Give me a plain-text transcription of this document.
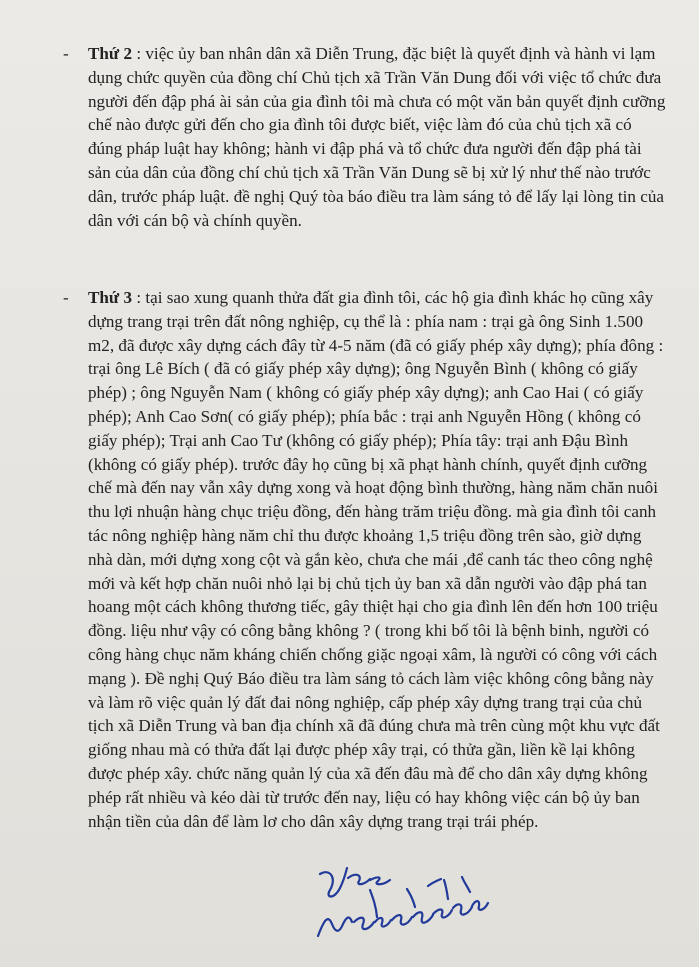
- Thứ 2 : việc ủy ban nhân dân xã Diễn Trung, đặc biệt là quyết định và hành vi lạm dụng chức quyền của đồng chí Chủ tịch xã Trần Văn Dung đối với việc tổ chức đưa người đến đập phá ài sản của gia đình tôi mà chưa có một văn bản quyết định cưỡng chế nào được gửi đến cho gia đình tôi được biết, việc làm đó của chủ tịch xã có đúng pháp luật hay không; hành vi đập phá và tổ chức đưa người đến đập phá tài sản của dân của đồng chí chủ tịch xã Trần Văn Dung sẽ bị xử lý như thế nào trước dân, trước pháp luật. đề nghị Quý tòa báo điều tra làm sáng tỏ để lấy lại lòng tin của dân với cán bộ và chính quyền.

- Thứ 3 : tại sao xung quanh thửa đất gia đình tôi, các hộ gia đình khác họ cũng xây dựng trang trại trên đất nông nghiệp, cụ thể là : phía nam : trại gà ông Sinh 1.500 m2, đã được xây dựng cách đây từ 4-5 năm (đã có giấy phép xây dựng); phía đông : trại ông Lê Bích ( đã có giấy phép xây dựng); ông Nguyễn Bình ( không có giấy phép) ; ông Nguyễn Nam ( không có giấy phép xây dựng); anh Cao Hai ( có giấy phép); Anh Cao Sơn( có giấy phép); phía bắc : trại anh Nguyễn Hồng ( không có giấy phép); Trại anh Cao Tư (không có giấy phép); Phía tây: trại anh Đậu Bình (không có giấy phép). trước đây họ cũng bị xã phạt hành chính, quyết định cưỡng chế mà đến nay vẫn xây dựng xong và hoạt động bình thường, hàng năm chăn nuôi thu lợi nhuận hàng chục triệu đồng, đến hàng trăm triệu đồng. mà gia đình tôi canh tác nông nghiệp hàng năm chỉ thu được khoảng 1,5 triệu đồng trên sào, giờ dựng nhà dàn, mới dựng xong cột và gắn kèo, chưa che mái ,để canh tác theo công nghệ mới và kết hợp chăn nuôi nhỏ lại bị chủ tịch ủy ban xã dẫn người vào đập phá tan hoang một cách không thương tiếc, gây thiệt hại cho gia đình lên đến hơn 100 triệu đồng. liệu như vậy có công bằng không ? ( trong khi bố tôi là bệnh binh, người có công hàng chục năm kháng chiến chống giặc ngoại xâm, là người có công với cách mạng ). Đề nghị Quý Báo điều tra làm sáng tỏ cách làm việc không công bằng này và làm rõ việc quản lý đất đai nông nghiệp, cấp phép xây dựng trang trại của chủ tịch xã Diễn Trung và ban địa chính xã đã đúng chưa mà trên cùng một khu vực đất giống nhau mà có thửa đất lại được phép xây trại, có thửa gần, liền kề lại không được phép xây. chức năng quản lý của xã đến đâu mà để cho dân xây dựng không phép rất nhiều và kéo dài từ trước đến nay, liệu có hay không việc cán bộ ủy ban nhận tiền của dân để làm lơ cho dân xây dựng trang trại trái phép.
